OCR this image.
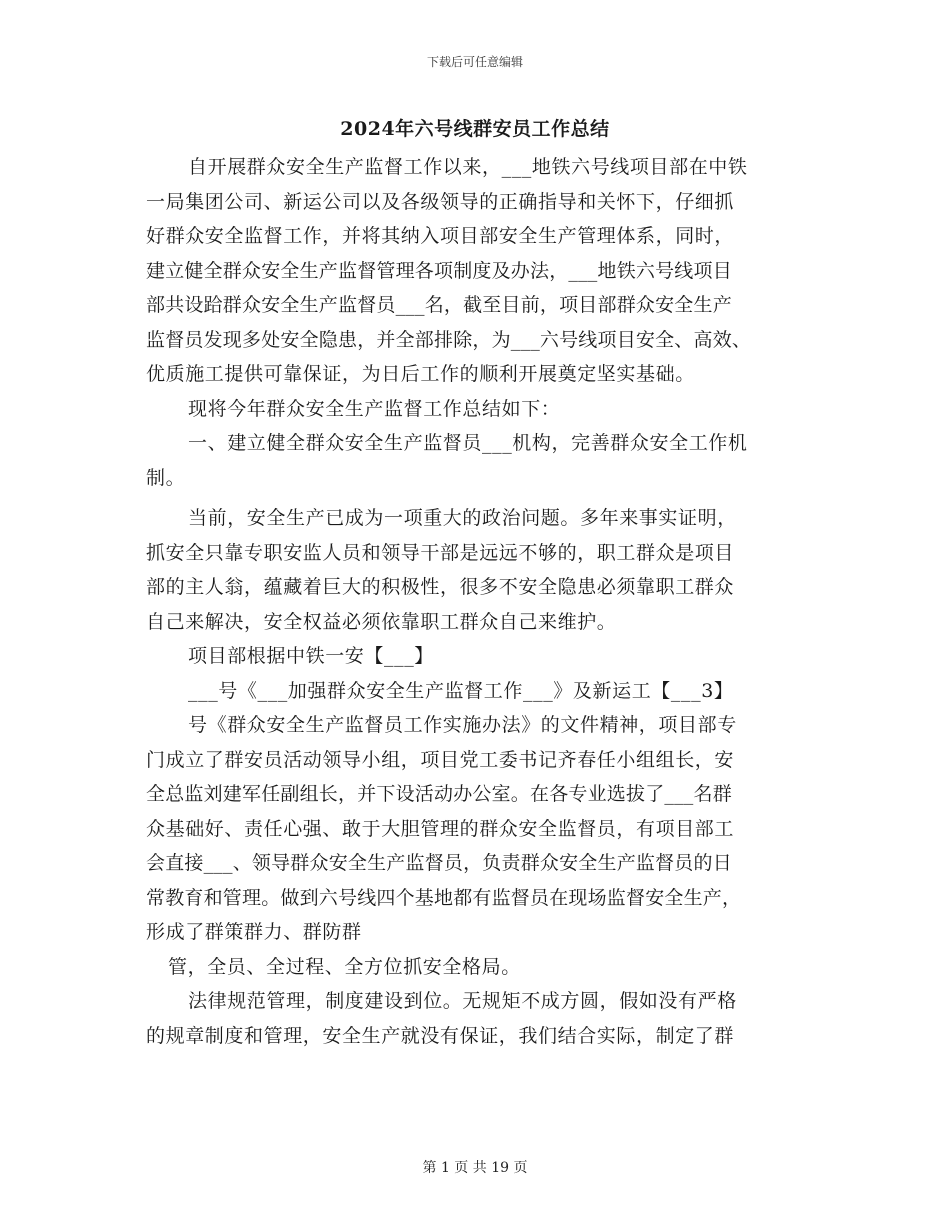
下载后可任意编辑
2024年六号线群安员工作总结
自开展群众安全生产监督工作以来，___地铁六号线项目部在中铁
一局集团公司、新运公司以及各级领导的正确指导和关怀下，仔细抓
好群众安全监督工作，并将其纳入项目部安全生产管理体系，同时，
建立健全群众安全生产监督管理各项制度及办法，___地铁六号线项目
部共设跲群众安全生产监督员___名，截至目前，项目部群众安全生产
监督员发现多处安全隐患，并全部排除，为___六号线项目安全、高效、
优质施工提供可靠保证，为日后工作的顺利开展奠定坚实基础。
现将今年群众安全生产监督工作总结如下：
一、建立健全群众安全生产监督员___机构，完善群众安全工作机
制。
当前，安全生产已成为一项重大的政治问题。多年来事实证明，
抓安全只靠专职安监人员和领导干部是远远不够的，职工群众是项目
部的主人翁，蕴藏着巨大的积极性，很多不安全隐患必须靠职工群众
自己来解决，安全权益必须依靠职工群众自己来维护。
项目部根据中铁一安【___】
___号《___加强群众安全生产监督工作___》及新运工【___3】
号《群众安全生产监督员工作实施办法》的文件精神，项目部专
门成立了群安员活动领导小组，项目党工委书记齐春任小组组长，安
全总监刘建军任副组长，并下设活动办公室。在各专业选拔了___名群
众基础好、责任心强、敢于大胆管理的群众安全监督员，有项目部工
会直接___、领导群众安全生产监督员，负责群众安全生产监督员的日
常教育和管理。做到六号线四个基地都有监督员在现场监督安全生产，
形成了群策群力、群防群
管，全员、全过程、全方位抓安全格局。
法律规范管理，制度建设到位。无规矩不成方圆，假如没有严格
的规章制度和管理，安全生产就没有保证，我们结合实际，制定了群
第 1 页 共 19 页
